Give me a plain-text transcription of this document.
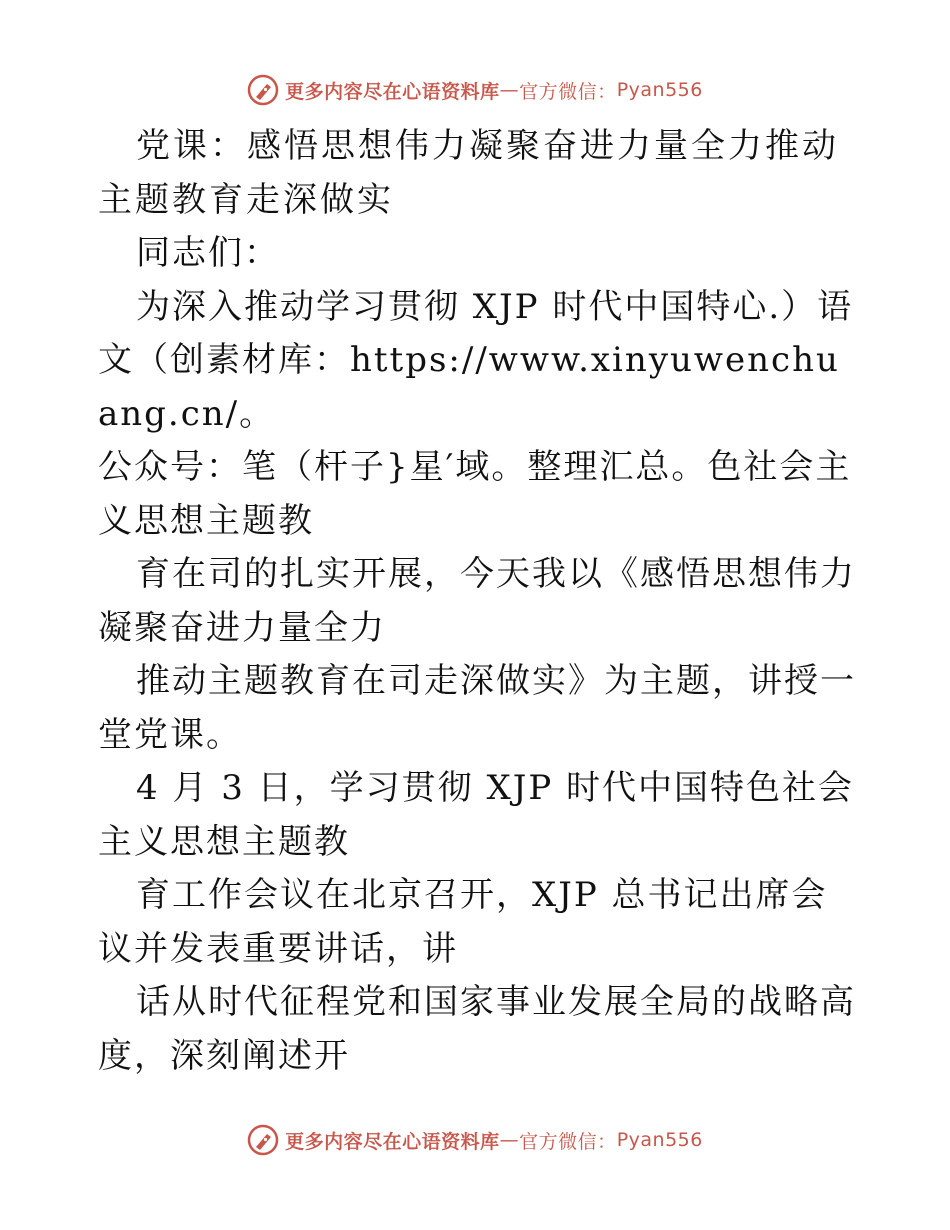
更多内容尽在心语资料库 — 官方微信： Pyan556

党课：感悟思想伟力凝聚奋进力量全力推动主题教育走深做实

同志们：

为深入推动学习贯彻 XJP 时代中国特心.）语文（创素材库：https://www.xinyuwenchuang.cn/。

公众号：笔（杆子}星′域。整理汇总。色社会主义思想主题教

育在司的扎实开展，今天我以《感悟思想伟力凝聚奋进力量全力

推动主题教育在司走深做实》为主题，讲授一堂党课。

4 月 3 日，学习贯彻 XJP 时代中国特色社会主义思想主题教

育工作会议在北京召开，XJP 总书记出席会议并发表重要讲话，讲

话从时代征程党和国家事业发展全局的战略高度，深刻阐述开

更多内容尽在心语资料库 — 官方微信： Pyan556
